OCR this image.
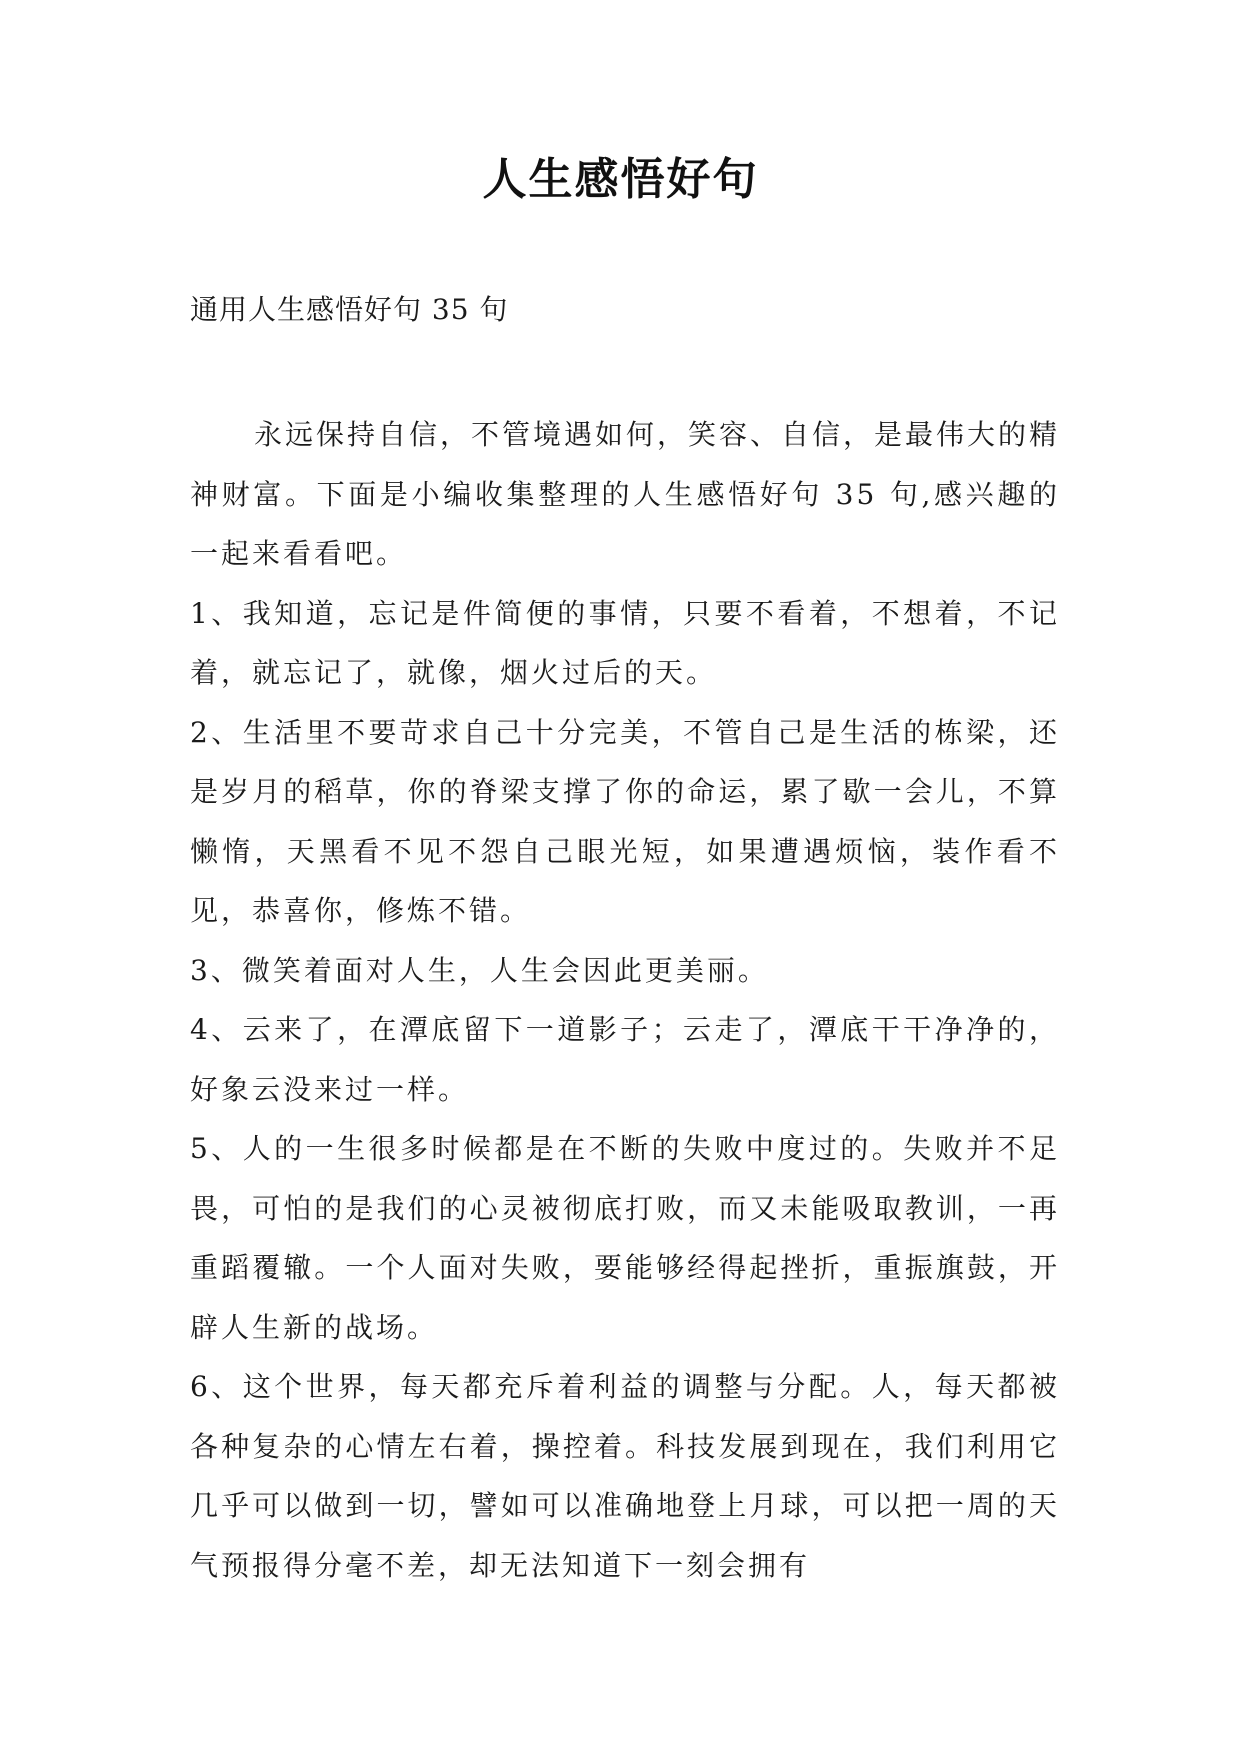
人生感悟好句

通用人生感悟好句 35 句

永远保持自信，不管境遇如何，笑容、自信，是最伟大的精神财富。下面是小编收集整理的人生感悟好句 35 句,感兴趣的一起来看看吧。

1、我知道，忘记是件简便的事情，只要不看着，不想着，不记着，就忘记了，就像，烟火过后的天。

2、生活里不要苛求自己十分完美，不管自己是生活的栋梁，还是岁月的稻草，你的脊梁支撑了你的命运，累了歇一会儿，不算懒惰，天黑看不见不怨自己眼光短，如果遭遇烦恼，装作看不见，恭喜你，修炼不错。

3、微笑着面对人生，人生会因此更美丽。

4、云来了，在潭底留下一道影子；云走了，潭底干干净净的，好象云没来过一样。

5、人的一生很多时候都是在不断的失败中度过的。失败并不足畏，可怕的是我们的心灵被彻底打败，而又未能吸取教训，一再重蹈覆辙。一个人面对失败，要能够经得起挫折，重振旗鼓，开辟人生新的战场。

6、这个世界，每天都充斥着利益的调整与分配。人，每天都被各种复杂的心情左右着，操控着。科技发展到现在，我们利用它几乎可以做到一切，譬如可以准确地登上月球，可以把一周的天气预报得分毫不差，却无法知道下一刻会拥有
